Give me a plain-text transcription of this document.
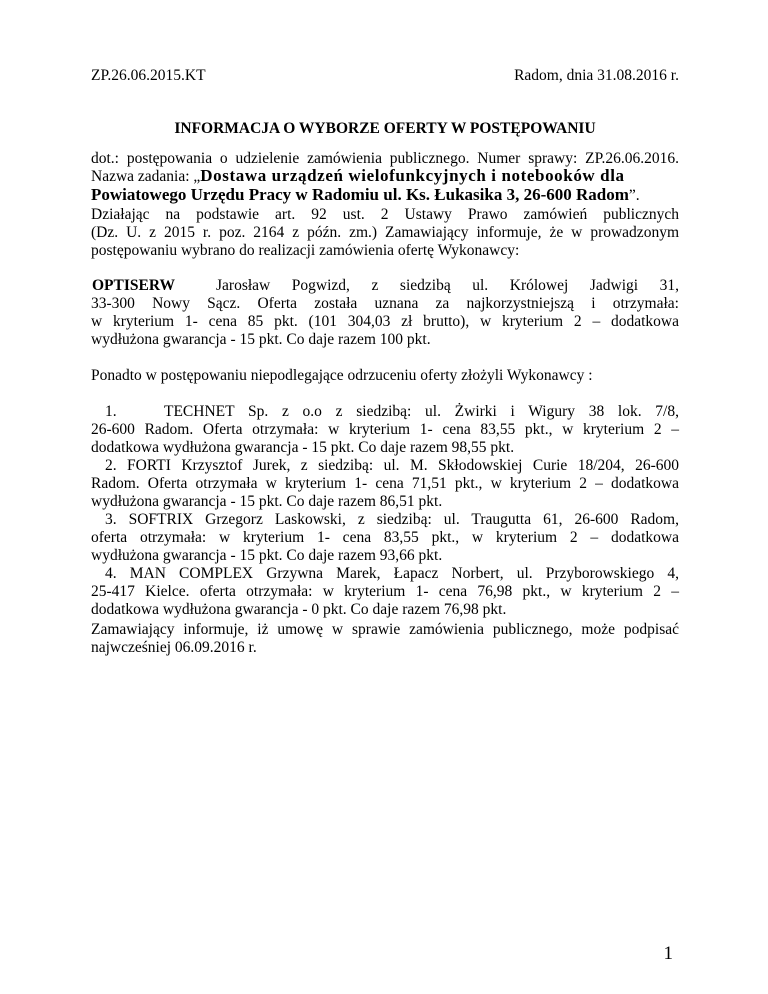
ZP.26.06.2015.KT	Radom, dnia 31.08.2016 r.
INFORMACJA O WYBORZE OFERTY W POSTĘPOWANIU
dot.: postępowania o udzielenie zamówienia publicznego. Numer sprawy: ZP.26.06.2016.
Nazwa zadania: „Dostawa urządzeń wielofunkcyjnych i notebooków dla
Powiatowego Urzędu Pracy w Radomiu ul. Ks. Łukasika 3, 26-600 Radom”.
Działając na podstawie art. 92 ust. 2 Ustawy Prawo zamówień publicznych
(Dz. U. z 2015 r. poz. 2164 z późn. zm.) Zamawiający informuje, że w prowadzonym
postępowaniu wybrano do realizacji zamówienia ofertę Wykonawcy:
OPTISERW	Jarosław Pogwizd, z siedzibą ul. Królowej Jadwigi 31,
33-300 Nowy Sącz. Oferta została uznana za najkorzystniejszą i otrzymała:
w kryterium 1- cena 85 pkt. (101 304,03 zł brutto), w kryterium 2 – dodatkowa
wydłużona gwarancja - 15 pkt. Co daje razem 100 pkt.
Ponadto w postępowaniu niepodlegające odrzuceniu oferty złożyli Wykonawcy :
1.	TECHNET Sp. z o.o z siedzibą: ul. Żwirki i Wigury 38 lok. 7/8,
26-600 Radom. Oferta otrzymała: w kryterium 1- cena 83,55 pkt., w kryterium 2 –
dodatkowa wydłużona gwarancja - 15 pkt. Co daje razem 98,55 pkt.
2. FORTI Krzysztof Jurek, z siedzibą: ul. M. Skłodowskiej Curie 18/204, 26-600
Radom. Oferta otrzymała w kryterium 1- cena 71,51 pkt., w kryterium 2 – dodatkowa
wydłużona gwarancja - 15 pkt. Co daje razem 86,51 pkt.
3. SOFTRIX Grzegorz Laskowski, z siedzibą: ul. Traugutta 61, 26-600 Radom,
oferta otrzymała: w kryterium 1- cena 83,55 pkt., w kryterium 2 – dodatkowa
wydłużona gwarancja - 15 pkt. Co daje razem 93,66 pkt.
4. MAN COMPLEX Grzywna Marek, Łapacz Norbert, ul. Przyborowskiego 4,
25-417 Kielce. oferta otrzymała: w kryterium 1- cena 76,98 pkt., w kryterium 2 –
dodatkowa wydłużona gwarancja - 0 pkt. Co daje razem 76,98 pkt.
Zamawiający informuje, iż umowę w sprawie zamówienia publicznego, może podpisać
najwcześniej 06.09.2016 r.
1
